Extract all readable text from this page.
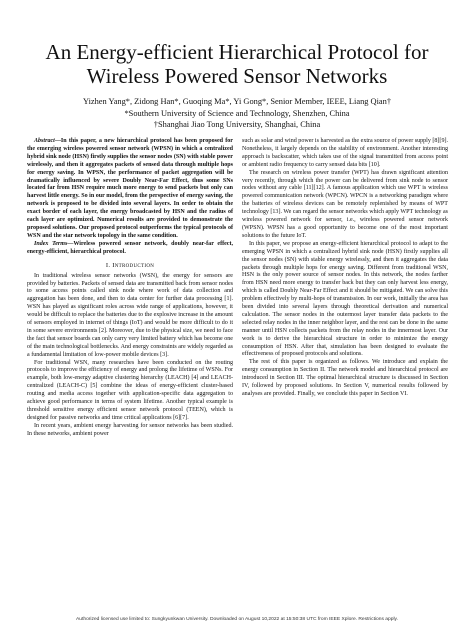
An Energy-efficient Hierarchical Protocol for Wireless Powered Sensor Networks
Yizhen Yang*, Zidong Han*, Guoqing Ma*, Yi Gong*, Senior Member, IEEE, Liang Qian†
*Southern University of Science and Technology, Shenzhen, China
†Shanghai Jiao Tong University, Shanghai, China

Abstract—In this paper, a new hierarchical protocol has been proposed for the emerging wireless powered sensor network (WPSN) in which a centralized hybrid sink node (HSN) firstly supplies the sensor nodes (SN) with stable power wirelessly, and then it aggregates packets of sensed data through multiple hops for energy saving. In WPSN, the performance of packet aggregation will be dramatically influenced by severe Doubly Near-Far Effect, thus some SNs located far from HSN require much more energy to send packets but only can harvest little energy. So in our model, from the perspective of energy saving, the network is proposed to be divided into several layers. In order to obtain the exact border of each layer, the energy broadcasted by HSN and the radius of each layer are optimized. Numerical results are provided to demonstrate the proposed solutions. Our proposed protocol outperforms the typical protocols of WSN and the star network topology in the same condition.

Index Terms—Wireless powered sensor network, doubly near-far effect, energy-efficient, hierarchical protocol.

I. Introduction

In traditional wireless sensor networks (WSN), the energy for sensors are provided by batteries. Packets of sensed data are transmitted back from sensor nodes to some access points called sink node where work of data collection and aggregation has been done, and then to data center for further data processing [1]. WSN has played as significant roles across wide range of applications, however, it would be difficult to replace the batteries due to the explosive increase in the amount of sensors employed in internet of things (IoT) and would be more difficult to do it in some severe environments [2]. Moreover, due to the physical size, we need to face the fact that sensor boards can only carry very limited battery which has become one of the main technological bottlenecks. And energy constraints are widely regarded as a fundamental limitation of low-power mobile devices [3].

For traditional WSN, many researches have been conducted on the routing protocols to improve the efficiency of energy and prolong the lifetime of WSNs. For example, both low-energy adaptive clustering hierarchy (LEACH) [4] and LEACH-centralized (LEACH-C) [5] combine the ideas of energy-efficient cluster-based routing and media access together with application-specific data aggregation to achieve good performance in terms of system lifetime. Another typical example is threshold sensitive energy efficient sensor network protocol (TEEN), which is designed for passive networks and time critical applications [6][7].

In recent years, ambient energy harvesting for sensor networks has been studied. In these networks, ambient power

such as solar and wind power is harvested as the extra source of power supply [8][9]. Nonetheless, it largely depends on the stability of environment. Another interesting approach is backscatter, which takes use of the signal transmitted from access point or ambient radio frequency to carry sensed data bits [10].

The research on wireless power transfer (WPT) has drawn significant attention very recently, through which the power can be delivered from sink node to sensor nodes without any cable [11][12]. A famous application which use WPT is wireless powered communication network (WPCN). WPCN is a networking paradigm where the batteries of wireless devices can be remotely replenished by means of WPT technology [13]. We can regard the sensor networks which apply WPT technology as wireless powered network for sensor, i.e., wireless powered sensor network (WPSN). WPSN has a good opportunity to become one of the most important solutions to the future IoT.

In this paper, we propose an energy-efficient hierarchical protocol to adapt to the emerging WPSN in which a centralized hybrid sink node (HSN) firstly supplies all the sensor nodes (SN) with stable energy wirelessly, and then it aggregates the data packets through multiple hops for energy saving. Different from traditional WSN, HSN is the only power source of sensor nodes. In this network, the nodes farther from HSN need more energy to transfer back but they can only harvest less energy, which is called Doubly Near-Far Effect and it should be mitigated. We can solve this problem effectively by multi-hops of transmission. In our work, initially the area has been divided into several layers through theoretical derivation and numerical calculation. The sensor nodes in the outermost layer transfer data packets to the selected relay nodes in the inner neighbor layer, and the rest can be done in the same manner until HSN collects packets from the relay nodes in the innermost layer. Our work is to derive the hierarchical structure in order to minimize the energy consumption of HSN. After that, simulation has been designed to evaluate the effectiveness of proposed protocols and solutions.

The rest of this paper is organized as follows. We introduce and explain the energy consumption in Section II. The network model and hierarchical protocol are introduced in Section III. The optimal hierarchical structure is discussed in Section IV, followed by proposed solutions. In Section V, numerical results followed by analyses are provided. Finally, we conclude this paper in Section VI.

Authorized licensed use limited to: Sungkyunkwan University. Downloaded on August 10,2022 at 15:50:38 UTC from IEEE Xplore. Restrictions apply.
